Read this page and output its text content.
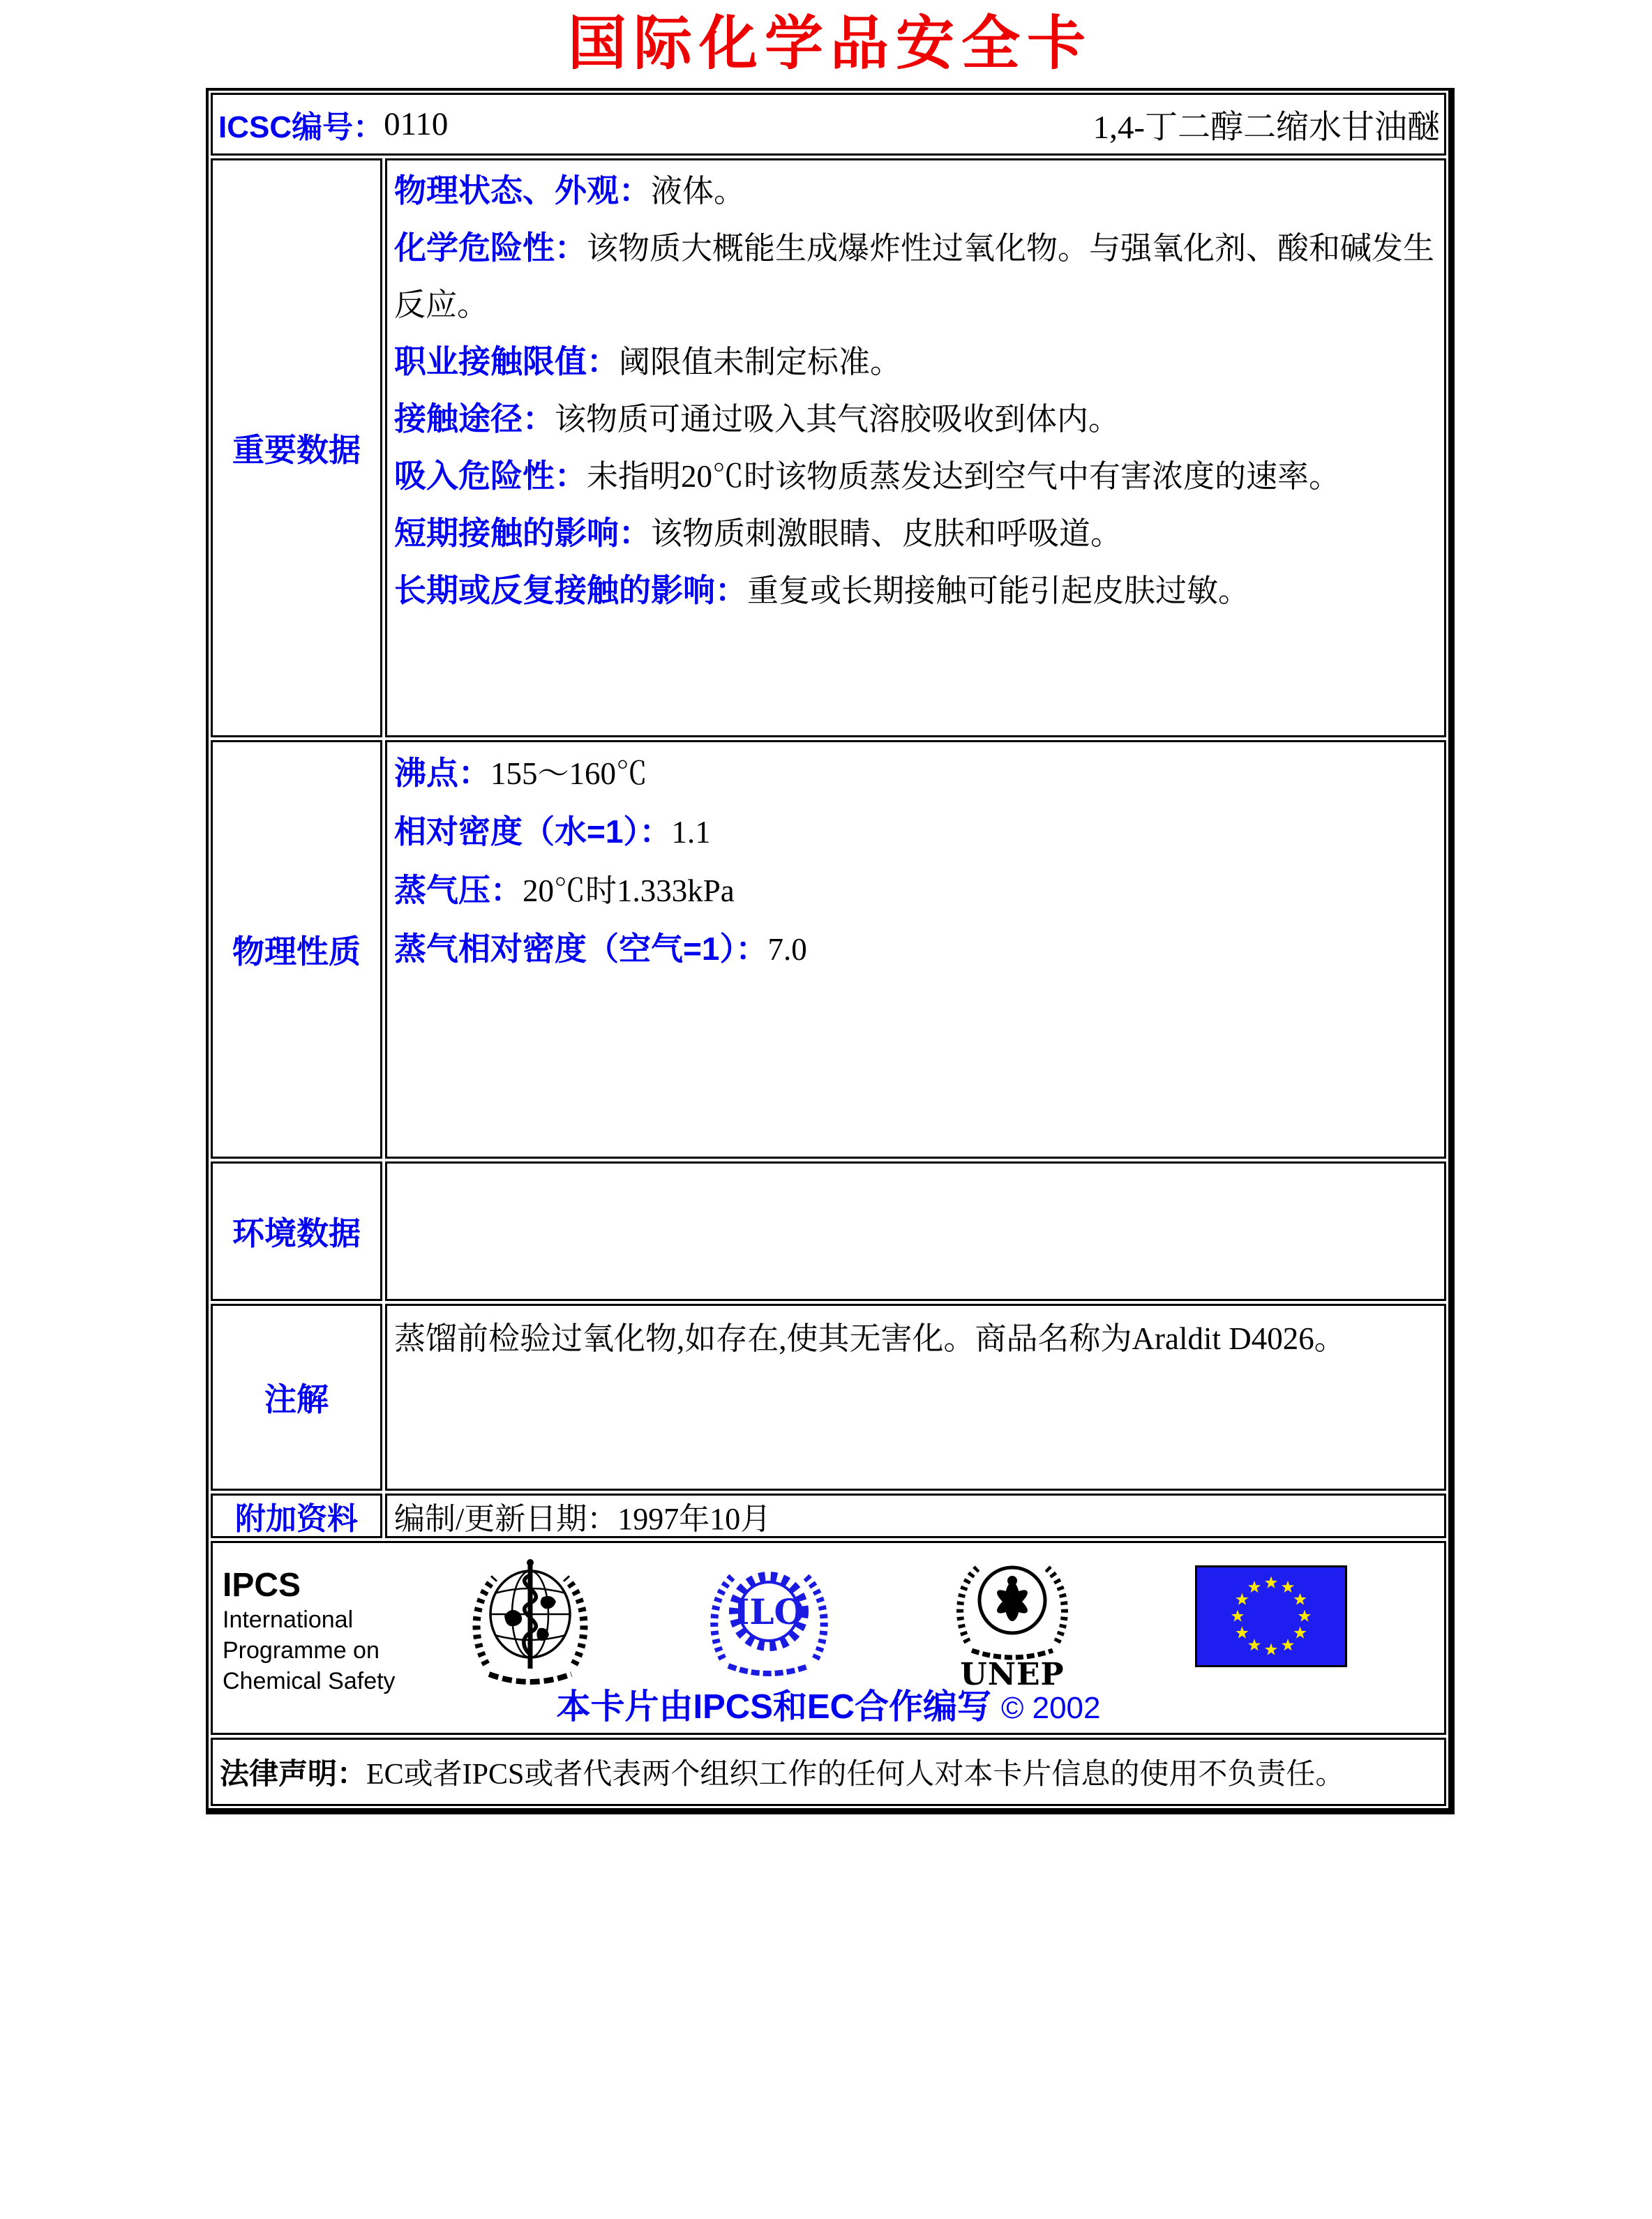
国际化学品安全卡
ICSC编号：0110	1,4-丁二醇二缩水甘油醚
重要数据
物理状态、外观：液体。
化学危险性：该物质大概能生成爆炸性过氧化物。与强氧化剂、酸和碱发生反应。
职业接触限值：阈限值未制定标准。
接触途径：该物质可通过吸入其气溶胶吸收到体内。
吸入危险性：未指明20℃时该物质蒸发达到空气中有害浓度的速率。
短期接触的影响：该物质刺激眼睛、皮肤和呼吸道。
长期或反复接触的影响：重复或长期接触可能引起皮肤过敏。
物理性质
沸点：155～160℃
相对密度（水=1）：1.1
蒸气压：20℃时1.333kPa
蒸气相对密度（空气=1）：7.0
环境数据
注解
蒸馏前检验过氧化物,如存在,使其无害化。商品名称为Araldit D4026。
附加资料 编制/更新日期：1997年10月
IPCS
International
Programme on
Chemical Safety
ILO
UNEP
本卡片由IPCS和EC合作编写 © 2002
法律声明： EC或者IPCS或者代表两个组织工作的任何人对本卡片信息的使用不负责任。
